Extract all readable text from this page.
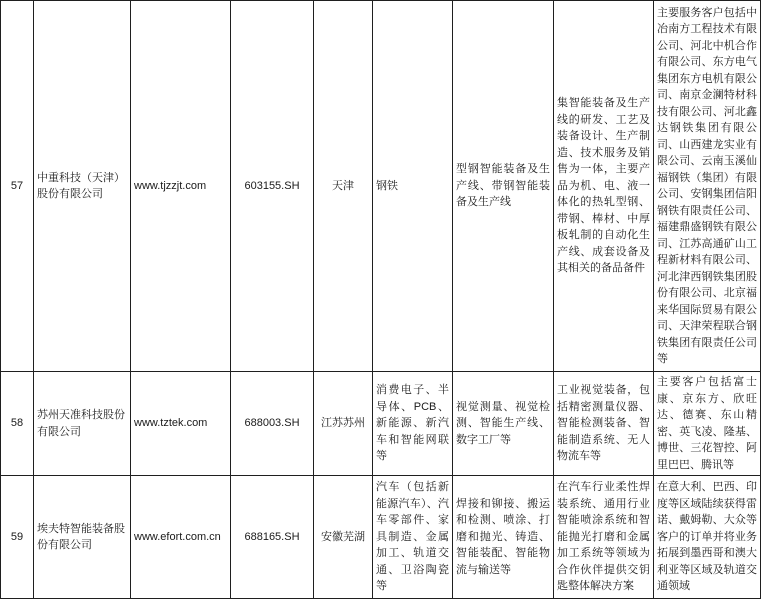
57	中重科技（天津）股份有限公司	www.tjzzjt.com	603155.SH	天津	钢铁	型钢智能装备及生产线、带钢智能装备及生产线	集智能装备及生产线的研发、工艺及装备设计、生产制造、技术服务及销售为一体，主要产品为机、电、液一体化的热轧型钢、带钢、棒材、中厚板轧制的自动化生产线、成套设备及其相关的备品备件	主要服务客户包括中冶南方工程技术有限公司、河北中机合作有限公司、东方电气集团东方电机有限公司、南京金澜特材科技有限公司、河北鑫达钢铁集团有限公司、山西建龙实业有限公司、云南玉溪仙福钢铁（集团）有限公司、安钢集团信阳钢铁有限责任公司、福建鼎盛钢铁有限公司、江苏高通矿山工程新材料有限公司、河北津西钢铁集团股份有限公司、北京福来华国际贸易有限公司、天津荣程联合钢铁集团有限责任公司等
58	苏州天准科技股份有限公司	www.tztek.com	688003.SH	江苏苏州	消费电子、半导体、PCB、新能源、新汽车和智能网联等	视觉测量、视觉检测、智能生产线、数字工厂等	工业视觉装备，包括精密测量仪器、智能检测装备、智能制造系统、无人物流车等	主要客户包括富士康、京东方、欣旺达、德赛、东山精密、英飞凌、隆基、博世、三花智控、阿里巴巴、腾讯等
59	埃夫特智能装备股份有限公司	www.efort.com.cn	688165.SH	安徽芜湖	汽车（包括新能源汽车）、汽车零部件、家具制造、金属加工、轨道交通、卫浴陶瓷等	焊接和铆接、搬运和检测、喷涂、打磨和抛光、铸造、智能装配、智能物流与输送等	在汽车行业柔性焊装系统、通用行业智能喷涂系统和智能抛光打磨和金属加工系统等领域为合作伙伴提供交钥匙整体解决方案	在意大利、巴西、印度等区域陆续获得雷诺、戴姆勒、大众等客户的订单并将业务拓展到墨西哥和澳大利亚等区域及轨道交通领域
